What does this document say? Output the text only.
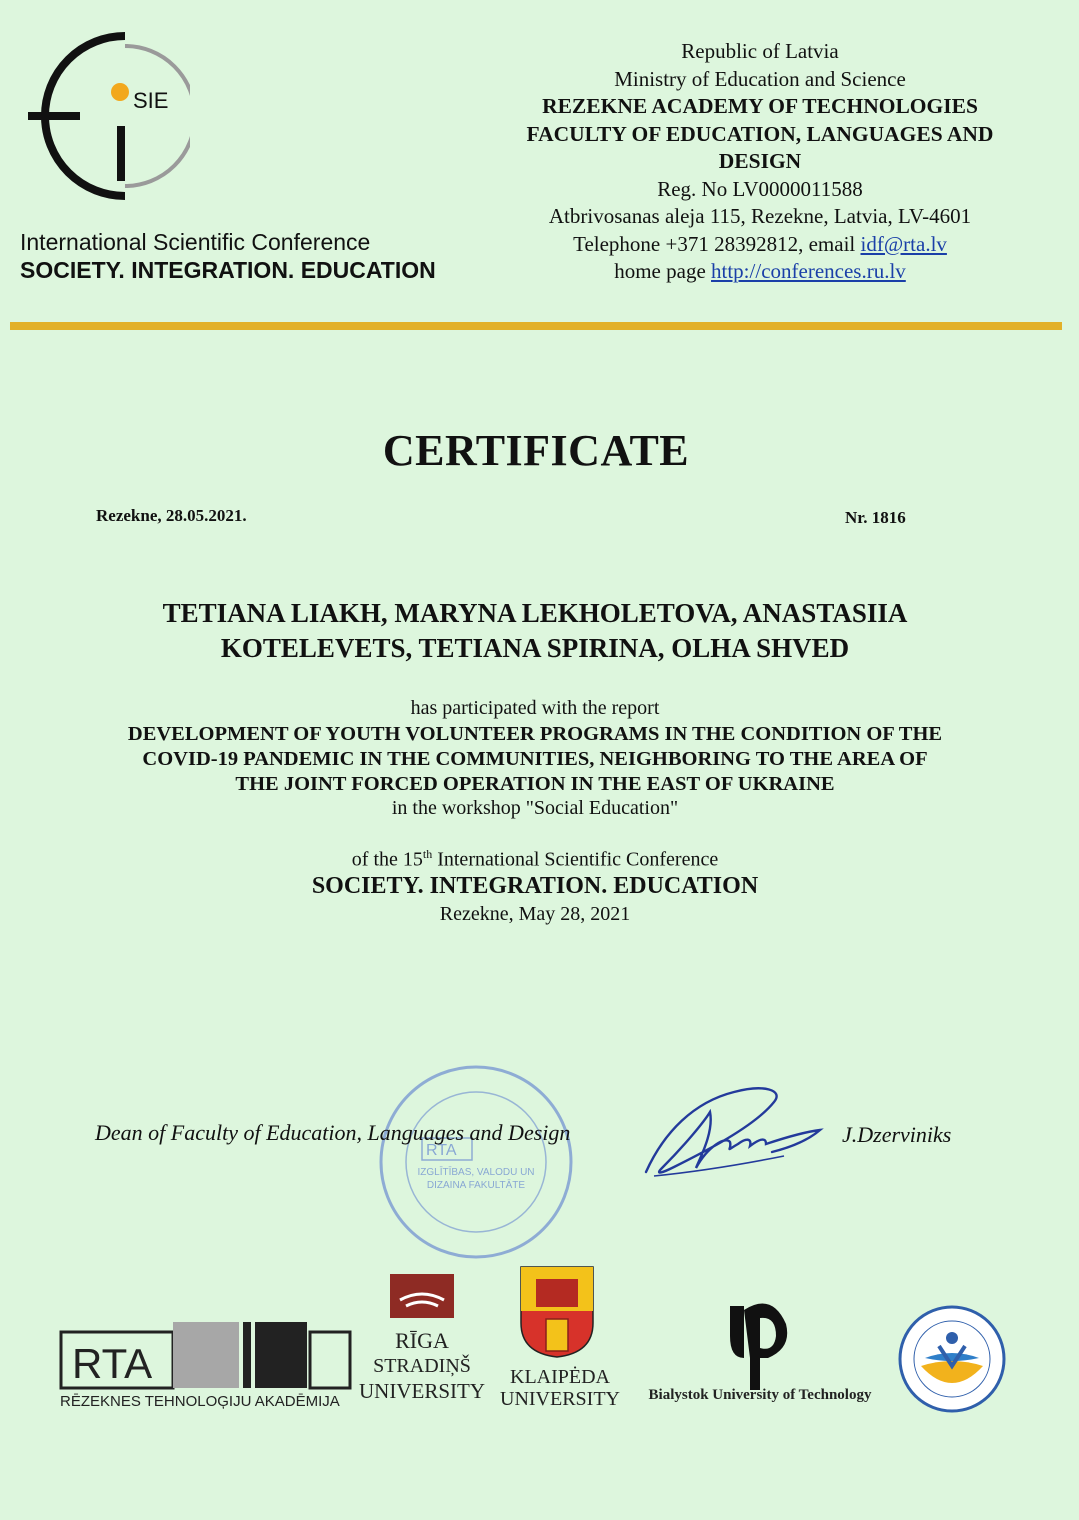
SIE
International Scientific Conference
SOCIETY. INTEGRATION. EDUCATION
Republic of Latvia
Ministry of Education and Science
REZEKNE ACADEMY OF TECHNOLOGIES
FACULTY OF EDUCATION, LANGUAGES AND
DESIGN
Reg. No LV0000011588
Atbrivosanas aleja 115, Rezekne, Latvia, LV-4601
Telephone +371 28392812, email idf@rta.lv
home page http://conferences.ru.lv
CERTIFICATE
Rezekne, 28.05.2021.	Nr. 1816
TETIANA LIAKH, MARYNA LEKHOLETOVA, ANASTASIIA
KOTELEVETS, TETIANA SPIRINA, OLHA SHVED
has participated with the report
DEVELOPMENT OF YOUTH VOLUNTEER PROGRAMS IN THE CONDITION OF THE
COVID-19 PANDEMIC IN THE COMMUNITIES, NEIGHBORING TO THE AREA OF
THE JOINT FORCED OPERATION IN THE EAST OF UKRAINE
in the workshop "Social Education"
of the 15th International Scientific Conference
SOCIETY. INTEGRATION. EDUCATION
Rezekne, May 28, 2021
RTA
IZGLĪTĪBAS, VALODU UN
DIZAINA FAKULTĀTE
Dean of Faculty of Education, Languages and Design	J.Dzerviniks
RTA
RĒZEKNES TEHNOLOĢIJU AKADĒMIJA
RĪGA
STRADIŅŠ
UNIVERSITY
KLAIPĖDA
UNIVERSITY Bialystok University of Technology
